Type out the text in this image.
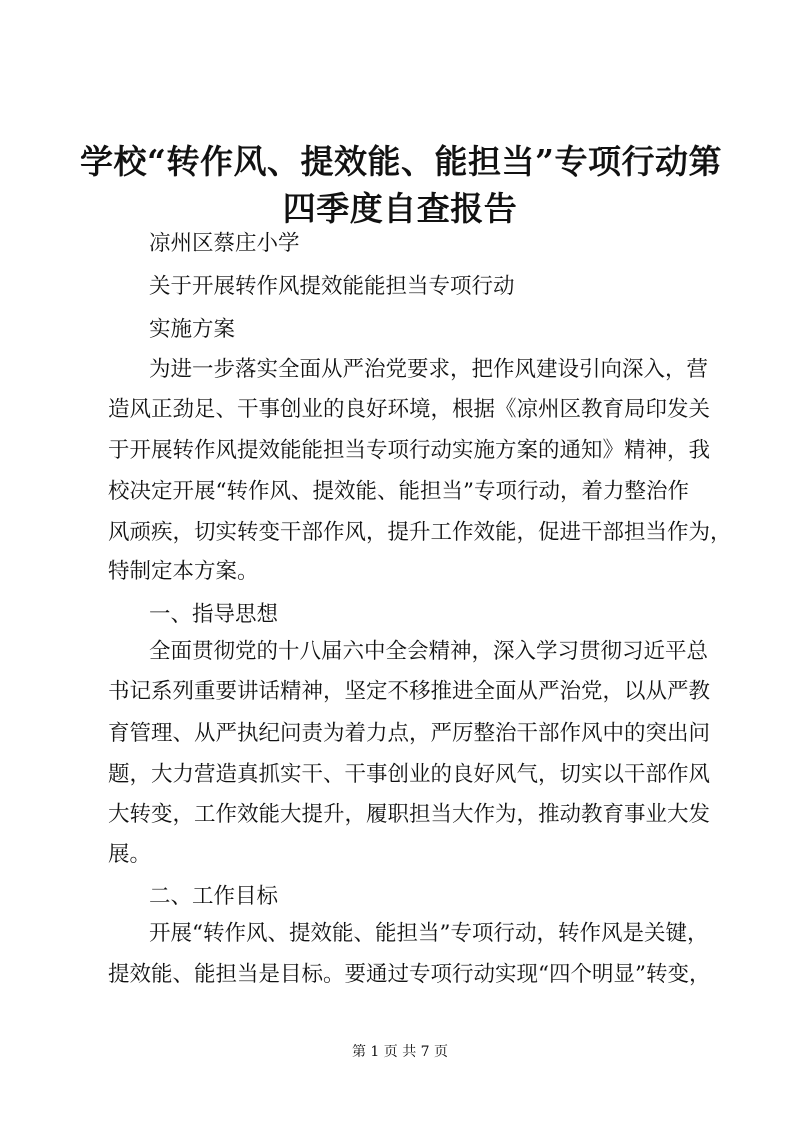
学校“转作风、提效能、能担当”专项行动第
四季度自查报告
凉州区蔡庄小学
关于开展转作风提效能能担当专项行动
实施方案
为进一步落实全面从严治党要求，把作风建设引向深入，营
造风正劲足、干事创业的良好环境，根据《凉州区教育局印发关
于开展转作风提效能能担当专项行动实施方案的通知》精神，我
校决定开展“转作风、提效能、能担当”专项行动，着力整治作
风顽疾，切实转变干部作风，提升工作效能，促进干部担当作为，
特制定本方案。
一、指导思想
全面贯彻党的十八届六中全会精神，深入学习贯彻习近平总
书记系列重要讲话精神，坚定不移推进全面从严治党，以从严教
育管理、从严执纪问责为着力点，严厉整治干部作风中的突出问
题，大力营造真抓实干、干事创业的良好风气，切实以干部作风
大转变，工作效能大提升，履职担当大作为，推动教育事业大发
展。
二、工作目标
开展“转作风、提效能、能担当”专项行动，转作风是关键，
提效能、能担当是目标。要通过专项行动实现“四个明显”转变，
第 1 页 共 7 页
